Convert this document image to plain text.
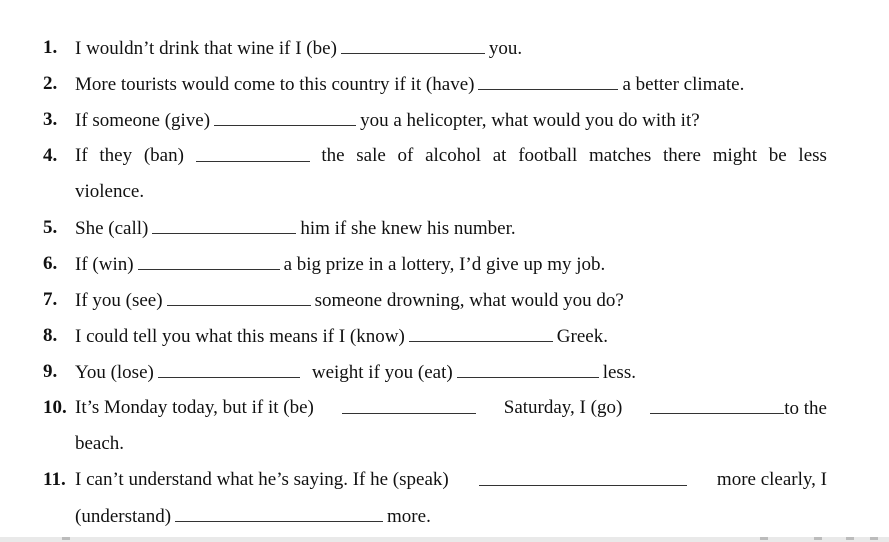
1. I wouldn’t drink that wine if I (be)	you.
2. More tourists would come to this country if it (have)	a better climate.
3. If someone (give)	you a helicopter, what would you do with it?
4. If they (ban)	the sale of alcohol at football matches there might be less
violence.
5. She (call)	him if she knew his number.
6. If (win)	a big prize in a lottery, I’d give up my job.
7. If you (see)	someone drowning, what would you do?
8. I could tell you what this means if I (know)	Greek.
9. You (lose)	weight if you (eat)	less.
10. It’s Monday today, but if it (be)	Saturday, I (go)	to the
beach.
11. I can’t understand what he’s saying. If he (speak)	more clearly, I
(understand)	more.
